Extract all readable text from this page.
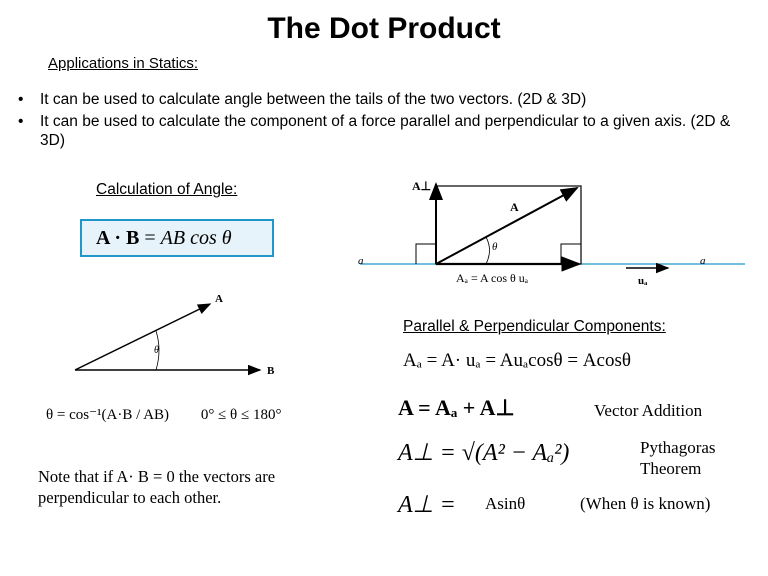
The Dot Product
Applications in Statics:
• It can be used to calculate angle between the tails of the two vectors. (2D & 3D)
• It can be used to calculate the component of a force parallel and perpendicular to a given axis. (2D & 3D)
Calculation of Angle:
A · B = AB cos θ
A
B
θ
θ = cos⁻¹(A·B / AB) 0° ≤ θ ≤ 180°
Note that if A· B = 0 the vectors are perpendicular to each other.
A⊥
A
θ
a	a
Aₐ = A cos θ uₐ	uₐ
Parallel & Perpendicular Components:
Aₐ = A· uₐ = Auₐcosθ = Acosθ
A = Aₐ + A⊥	Vector Addition
A⊥ = √(A² − Aₐ²)	Pythagoras
Theorem
A⊥ = Asinθ	(When θ is known)
